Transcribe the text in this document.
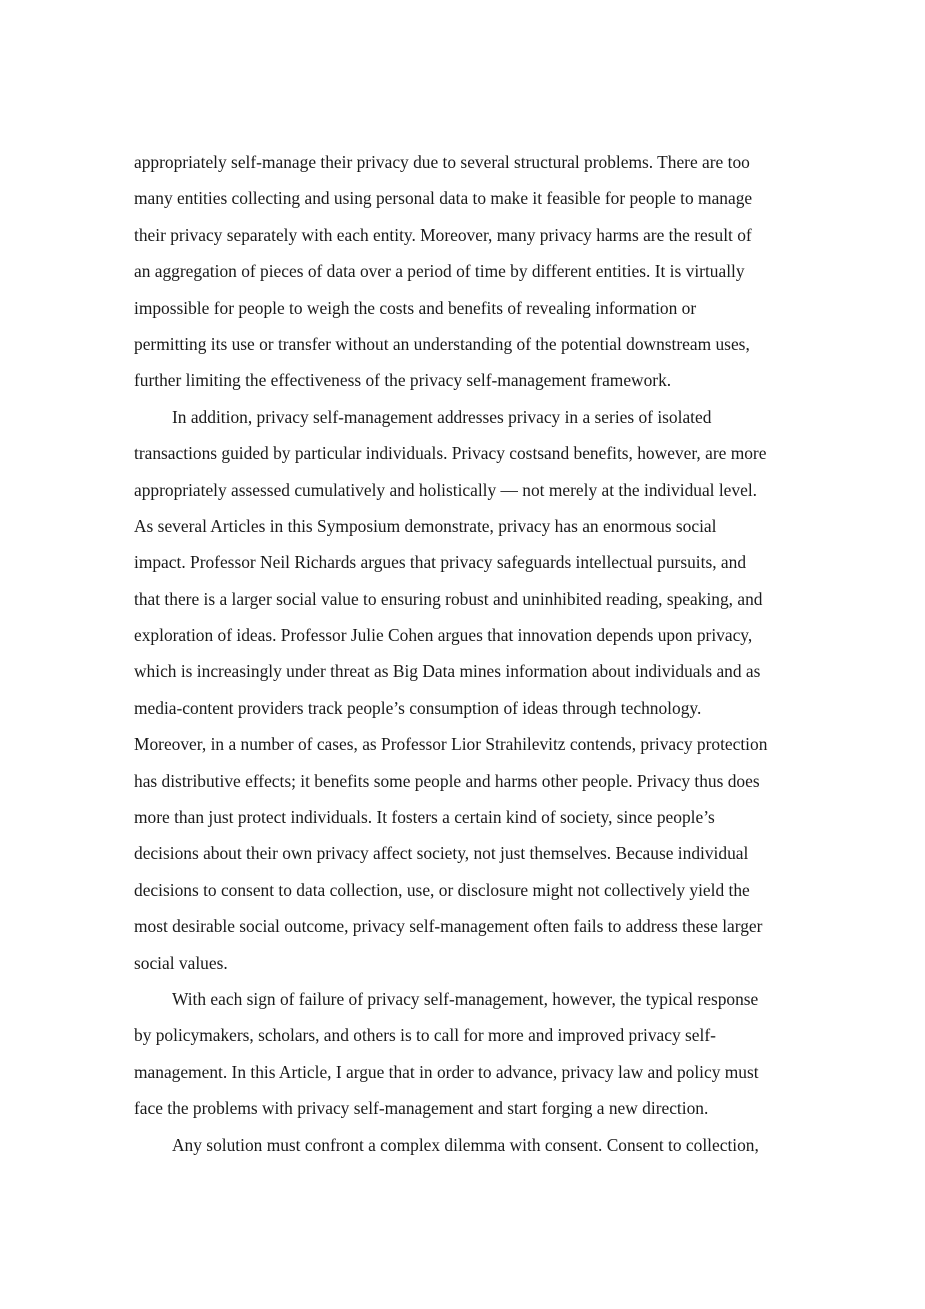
appropriately self-manage their privacy due to several structural problems. There are too
many entities collecting and using personal data to make it feasible for people to manage
their privacy separately with each entity. Moreover, many privacy harms are the result of
an aggregation of pieces of data over a period of time by different entities. It is virtually
impossible for people to weigh the costs and benefits of revealing information or
permitting its use or transfer without an understanding of the potential downstream uses,
further limiting the effectiveness of the privacy self-management framework.
In addition, privacy self-management addresses privacy in a series of isolated
transactions guided by particular individuals. Privacy costsand benefits, however, are more
appropriately assessed cumulatively and holistically — not merely at the individual level.
As several Articles in this Symposium demonstrate, privacy has an enormous social
impact. Professor Neil Richards argues that privacy safeguards intellectual pursuits, and
that there is a larger social value to ensuring robust and uninhibited reading, speaking, and
exploration of ideas. Professor Julie Cohen argues that innovation depends upon privacy,
which is increasingly under threat as Big Data mines information about individuals and as
media-content providers track people’s consumption of ideas through technology.
Moreover, in a number of cases, as Professor Lior Strahilevitz contends, privacy protection
has distributive effects; it benefits some people and harms other people. Privacy thus does
more than just protect individuals. It fosters a certain kind of society, since people’s
decisions about their own privacy affect society, not just themselves. Because individual
decisions to consent to data collection, use, or disclosure might not collectively yield the
most desirable social outcome, privacy self-management often fails to address these larger
social values.
With each sign of failure of privacy self-management, however, the typical response
by policymakers, scholars, and others is to call for more and improved privacy self-
management. In this Article, I argue that in order to advance, privacy law and policy must
face the problems with privacy self-management and start forging a new direction.
Any solution must confront a complex dilemma with consent. Consent to collection,
